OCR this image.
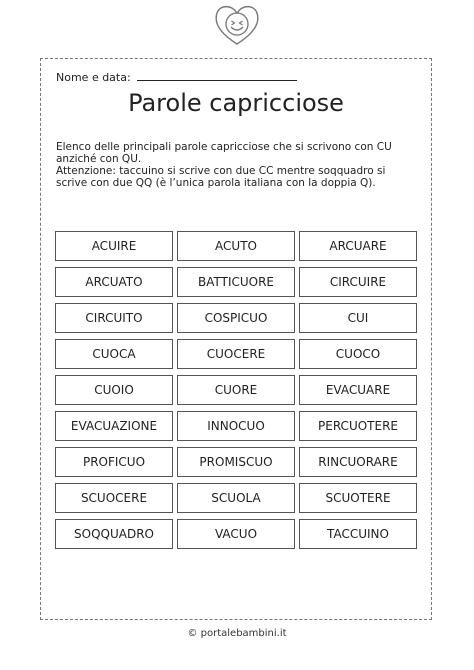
Nome e data:
Parole capricciose

Elenco delle principali parole capricciose che si scrivono con CU anziché con QU.

Attenzione: taccuino si scrive con due CC mentre soqquadro si scrive con due QQ (è l’unica parola italiana con la doppia Q).

ACUIRE	ACUTO	ARCUARE
ARCUATO	BATTICUORE	CIRCUIRE
CIRCUITO	COSPICUO	CUI
CUOCA	CUOCERE	CUOCO
CUOIO	CUORE	EVACUARE
EVACUAZIONE	INNOCUO	PERCUOTERE
PROFICUO	PROMISCUO	RINCUORARE
SCUOCERE	SCUOLA	SCUOTERE
SOQQUADRO	VACUO	TACCUINO
© portalebambini.it
